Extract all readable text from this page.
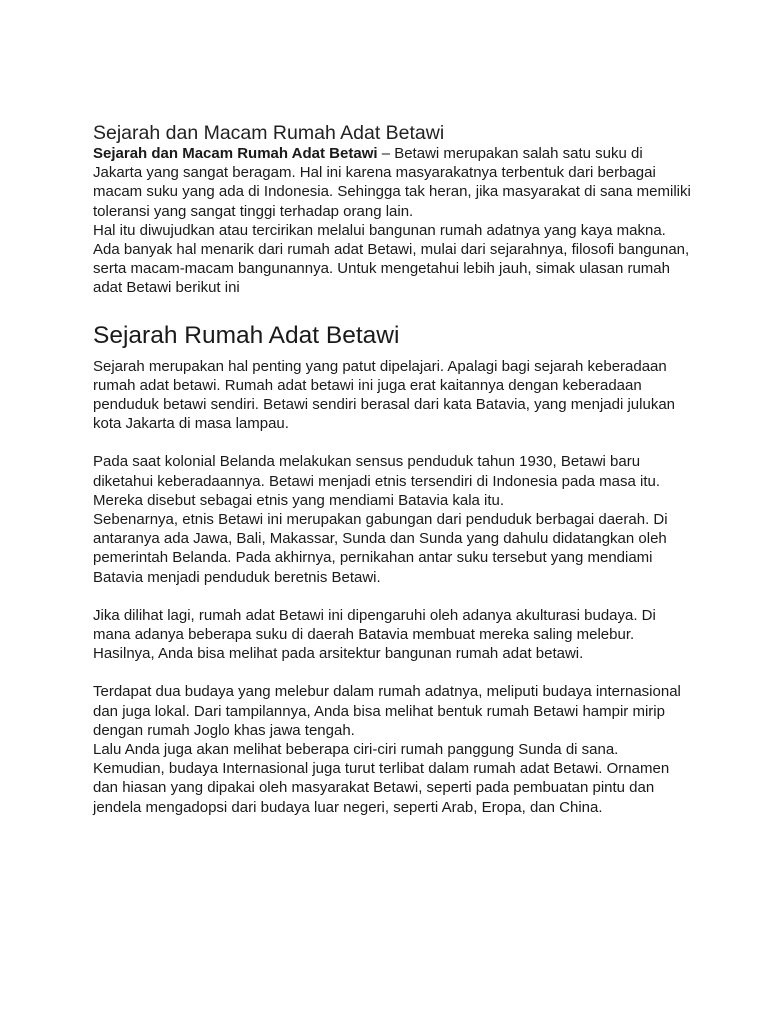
Sejarah dan Macam Rumah Adat Betawi

Sejarah dan Macam Rumah Adat Betawi – Betawi merupakan salah satu suku di Jakarta yang sangat beragam. Hal ini karena masyarakatnya terbentuk dari berbagai macam suku yang ada di Indonesia. Sehingga tak heran, jika masyarakat di sana memiliki toleransi yang sangat tinggi terhadap orang lain.

Hal itu diwujudkan atau tercirikan melalui bangunan rumah adatnya yang kaya makna. Ada banyak hal menarik dari rumah adat Betawi, mulai dari sejarahnya, filosofi bangunan, serta macam-macam bangunannya. Untuk mengetahui lebih jauh, simak ulasan rumah adat Betawi berikut ini

Sejarah Rumah Adat Betawi

Sejarah merupakan hal penting yang patut dipelajari. Apalagi bagi sejarah keberadaan rumah adat betawi. Rumah adat betawi ini juga erat kaitannya dengan keberadaan penduduk betawi sendiri. Betawi sendiri berasal dari kata Batavia, yang menjadi julukan kota Jakarta di masa lampau.

Pada saat kolonial Belanda melakukan sensus penduduk tahun 1930, Betawi baru diketahui keberadaannya. Betawi menjadi etnis tersendiri di Indonesia pada masa itu. Mereka disebut sebagai etnis yang mendiami Batavia kala itu.

Sebenarnya, etnis Betawi ini merupakan gabungan dari penduduk berbagai daerah. Di antaranya ada Jawa, Bali, Makassar, Sunda dan Sunda yang dahulu didatangkan oleh pemerintah Belanda. Pada akhirnya, pernikahan antar suku tersebut yang mendiami Batavia menjadi penduduk beretnis Betawi.

Jika dilihat lagi, rumah adat Betawi ini dipengaruhi oleh adanya akulturasi budaya. Di mana adanya beberapa suku di daerah Batavia membuat mereka saling melebur. Hasilnya, Anda bisa melihat pada arsitektur bangunan rumah adat betawi.

Terdapat dua budaya yang melebur dalam rumah adatnya, meliputi budaya internasional dan juga lokal. Dari tampilannya, Anda bisa melihat bentuk rumah Betawi hampir mirip dengan rumah Joglo khas jawa tengah.

Lalu Anda juga akan melihat beberapa ciri-ciri rumah panggung Sunda di sana. Kemudian, budaya Internasional juga turut terlibat dalam rumah adat Betawi. Ornamen dan hiasan yang dipakai oleh masyarakat Betawi, seperti pada pembuatan pintu dan jendela mengadopsi dari budaya luar negeri, seperti Arab, Eropa, dan China.
